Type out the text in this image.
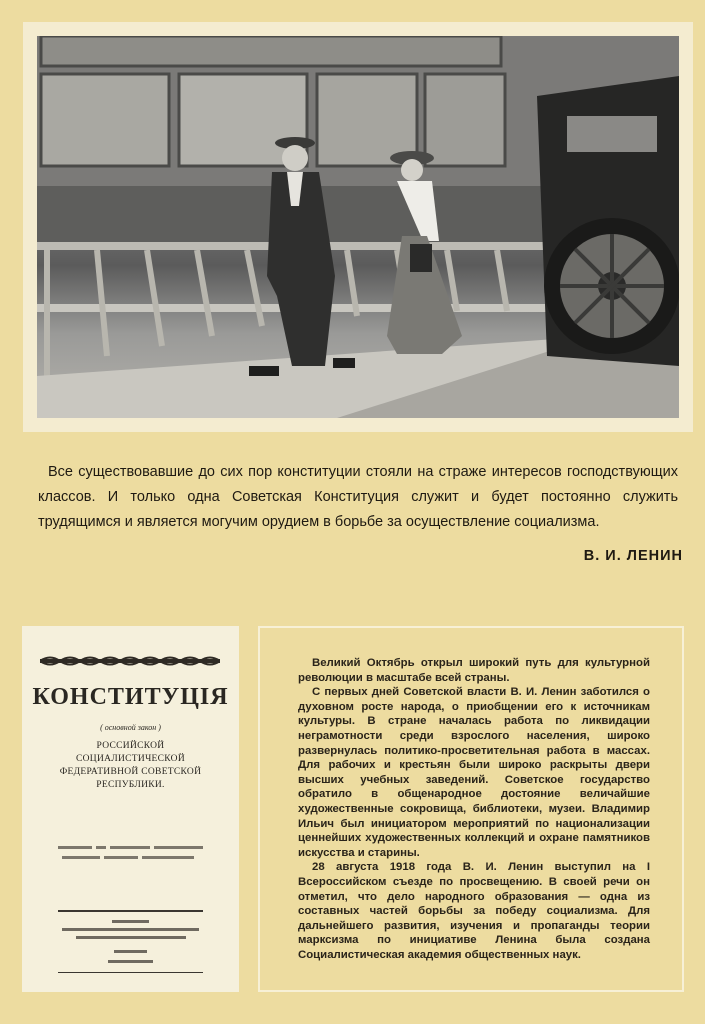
Все существовавшие до сих пор конституции стояли на страже интересов господствующих классов. И только одна Советская Конституция служит и будет постоянно служить трудящимся и является могучим орудием в борьбе за осуществление социализма.

В. И. ЛЕНИН
КОНСТИТУЦІЯ
( основной закон )
РОССИЙСКОЙ СОЦИАЛИСТИЧЕСКОЙ ФЕДЕРАТИВНОЙ СОВЕТСКОЙ РЕСПУБЛИКИ.

Великий Октябрь открыл широкий путь для культурной революции в масштабе всей страны.

С первых дней Советской власти В. И. Ленин заботился о духовном росте народа, о приобщении его к источникам культуры. В стране началась работа по ликвидации неграмотности среди взрослого населения, широко развернулась политико-просветительная работа в массах. Для рабочих и крестьян были широко раскрыты двери высших учебных заведений. Советское государство обратило в общенародное достояние величайшие художественные сокровища, библиотеки, музеи. Владимир Ильич был инициатором мероприятий по национализации ценнейших художественных коллекций и охране памятников искусства и старины.

28 августа 1918 года В. И. Ленин выступил на I Всероссийском съезде по просвещению. В своей речи он отметил, что дело народного образования — одна из составных частей борьбы за победу социализма. Для дальнейшего развития, изучения и пропаганды теории марксизма по инициативе Ленина была создана Социалистическая академия общественных наук.
